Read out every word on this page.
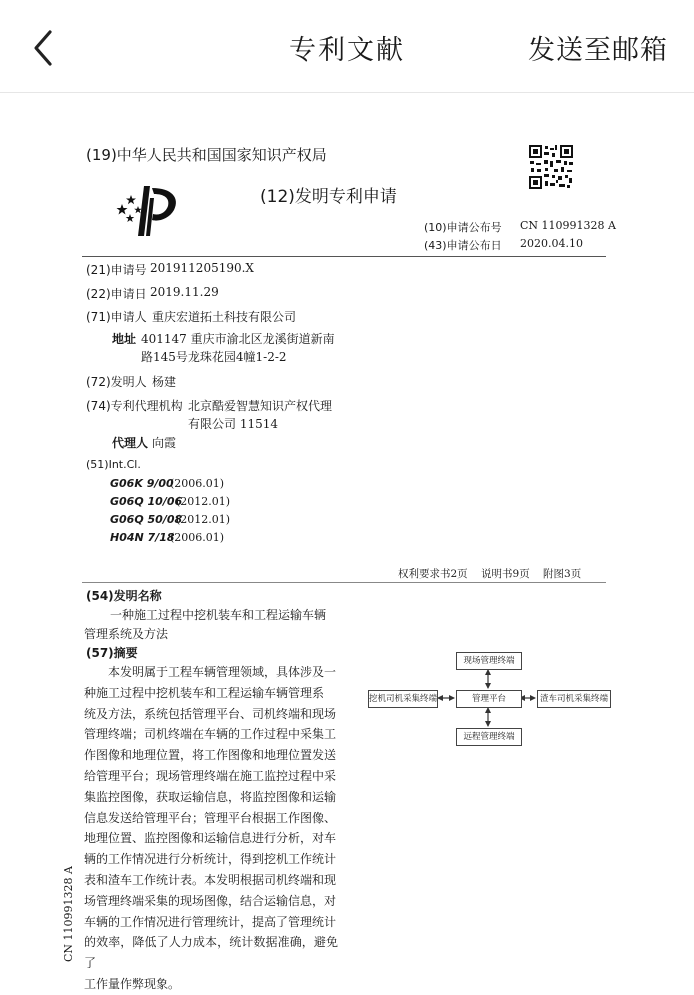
专利文献	发送至邮箱
(19)中华人民共和国国家知识产权局
(12)发明专利申请
(10)申请公布号 CN 110991328 A
(43)申请公布日 2020.04.10
(21)申请号 201911205190.X
(22)申请日 2019.11.29
(71)申请人 重庆宏道拓土科技有限公司
地址 401147 重庆市渝北区龙溪街道新南
路145号龙珠花园4幢1-2-2
(72)发明人 杨建
(74)专利代理机构 北京酷爱智慧知识产权代理
有限公司 11514
代理人 向霞
(51)Int.Cl.
G06K 9/00
(2006.01)
G06Q 10/06
(2012.01)
G06Q 50/08
(2012.01)
H04N 7/18
(2006.01)
权利要求书2页    说明书9页    附图3页
(54)发明名称
一种施工过程中挖机装车和工程运输车辆
管理系统及方法
(57)摘要
　　本发明属于工程车辆管理领域，具体涉及一
种施工过程中挖机装车和工程运输车辆管理系
统及方法，系统包括管理平台、司机终端和现场
管理终端；司机终端在车辆的工作过程中采集工
作图像和地理位置，将工作图像和地理位置发送
给管理平台；现场管理终端在施工监控过程中采
集监控图像，获取运输信息，将监控图像和运输
信息发送给管理平台；管理平台根据工作图像、
地理位置、监控图像和运输信息进行分析，对车
辆的工作情况进行分析统计，得到挖机工作统计
表和渣车工作统计表。本发明根据司机终端和现
场管理终端采集的现场图像，结合运输信息，对
车辆的工作情况进行管理统计，提高了管理统计
的效率，降低了人力成本，统计数据准确，避免了
工作量作弊现象。
CN 110991328 A
现场管理终端
管理平台
挖机司机采集终端	渣车司机采集终端
远程管理终端
